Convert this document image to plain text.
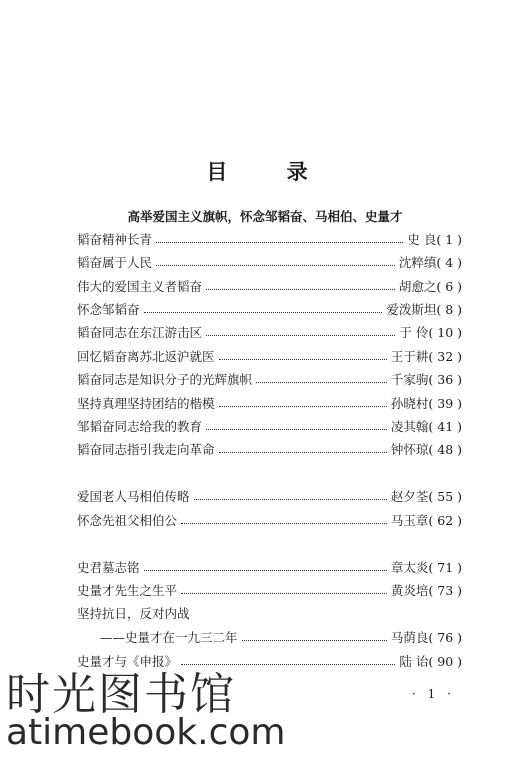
目 录
高举爱国主义旗帜，怀念邹韬奋、马相伯、史量才
韬奋精神长青	史 良 ( 1 )
韬奋属于人民	沈粹缜 ( 4 )
伟大的爱国主义者韬奋	胡愈之 ( 6 )
怀念邹韬奋	爱泼斯坦 ( 8 )
韬奋同志在东江游击区	于 伶 ( 10 )
回忆韬奋离苏北返沪就医	王于耕 ( 32 )
韬奋同志是知识分子的光辉旗帜	千家驹 ( 36 )
坚持真理坚持团结的楷模	孙晓村 ( 39 )
邹韬奋同志给我的教育	凌其翰 ( 41 )
韬奋同志指引我走向革命	钟怀琼 ( 48 )
爱国老人马相伯传略	赵夕荃 ( 55 )
怀念先祖父相伯公	马玉章 ( 62 )
史君墓志铭	章太炎 ( 71 )
史量才先生之生平	黄炎培 ( 73 )
坚持抗日，反对内战
——史量才在一九三二年	马荫良 ( 76 )
史量才与《申报》	陆 诒 ( 90 )
· 1 ·
时光图书馆
atimebook.com
